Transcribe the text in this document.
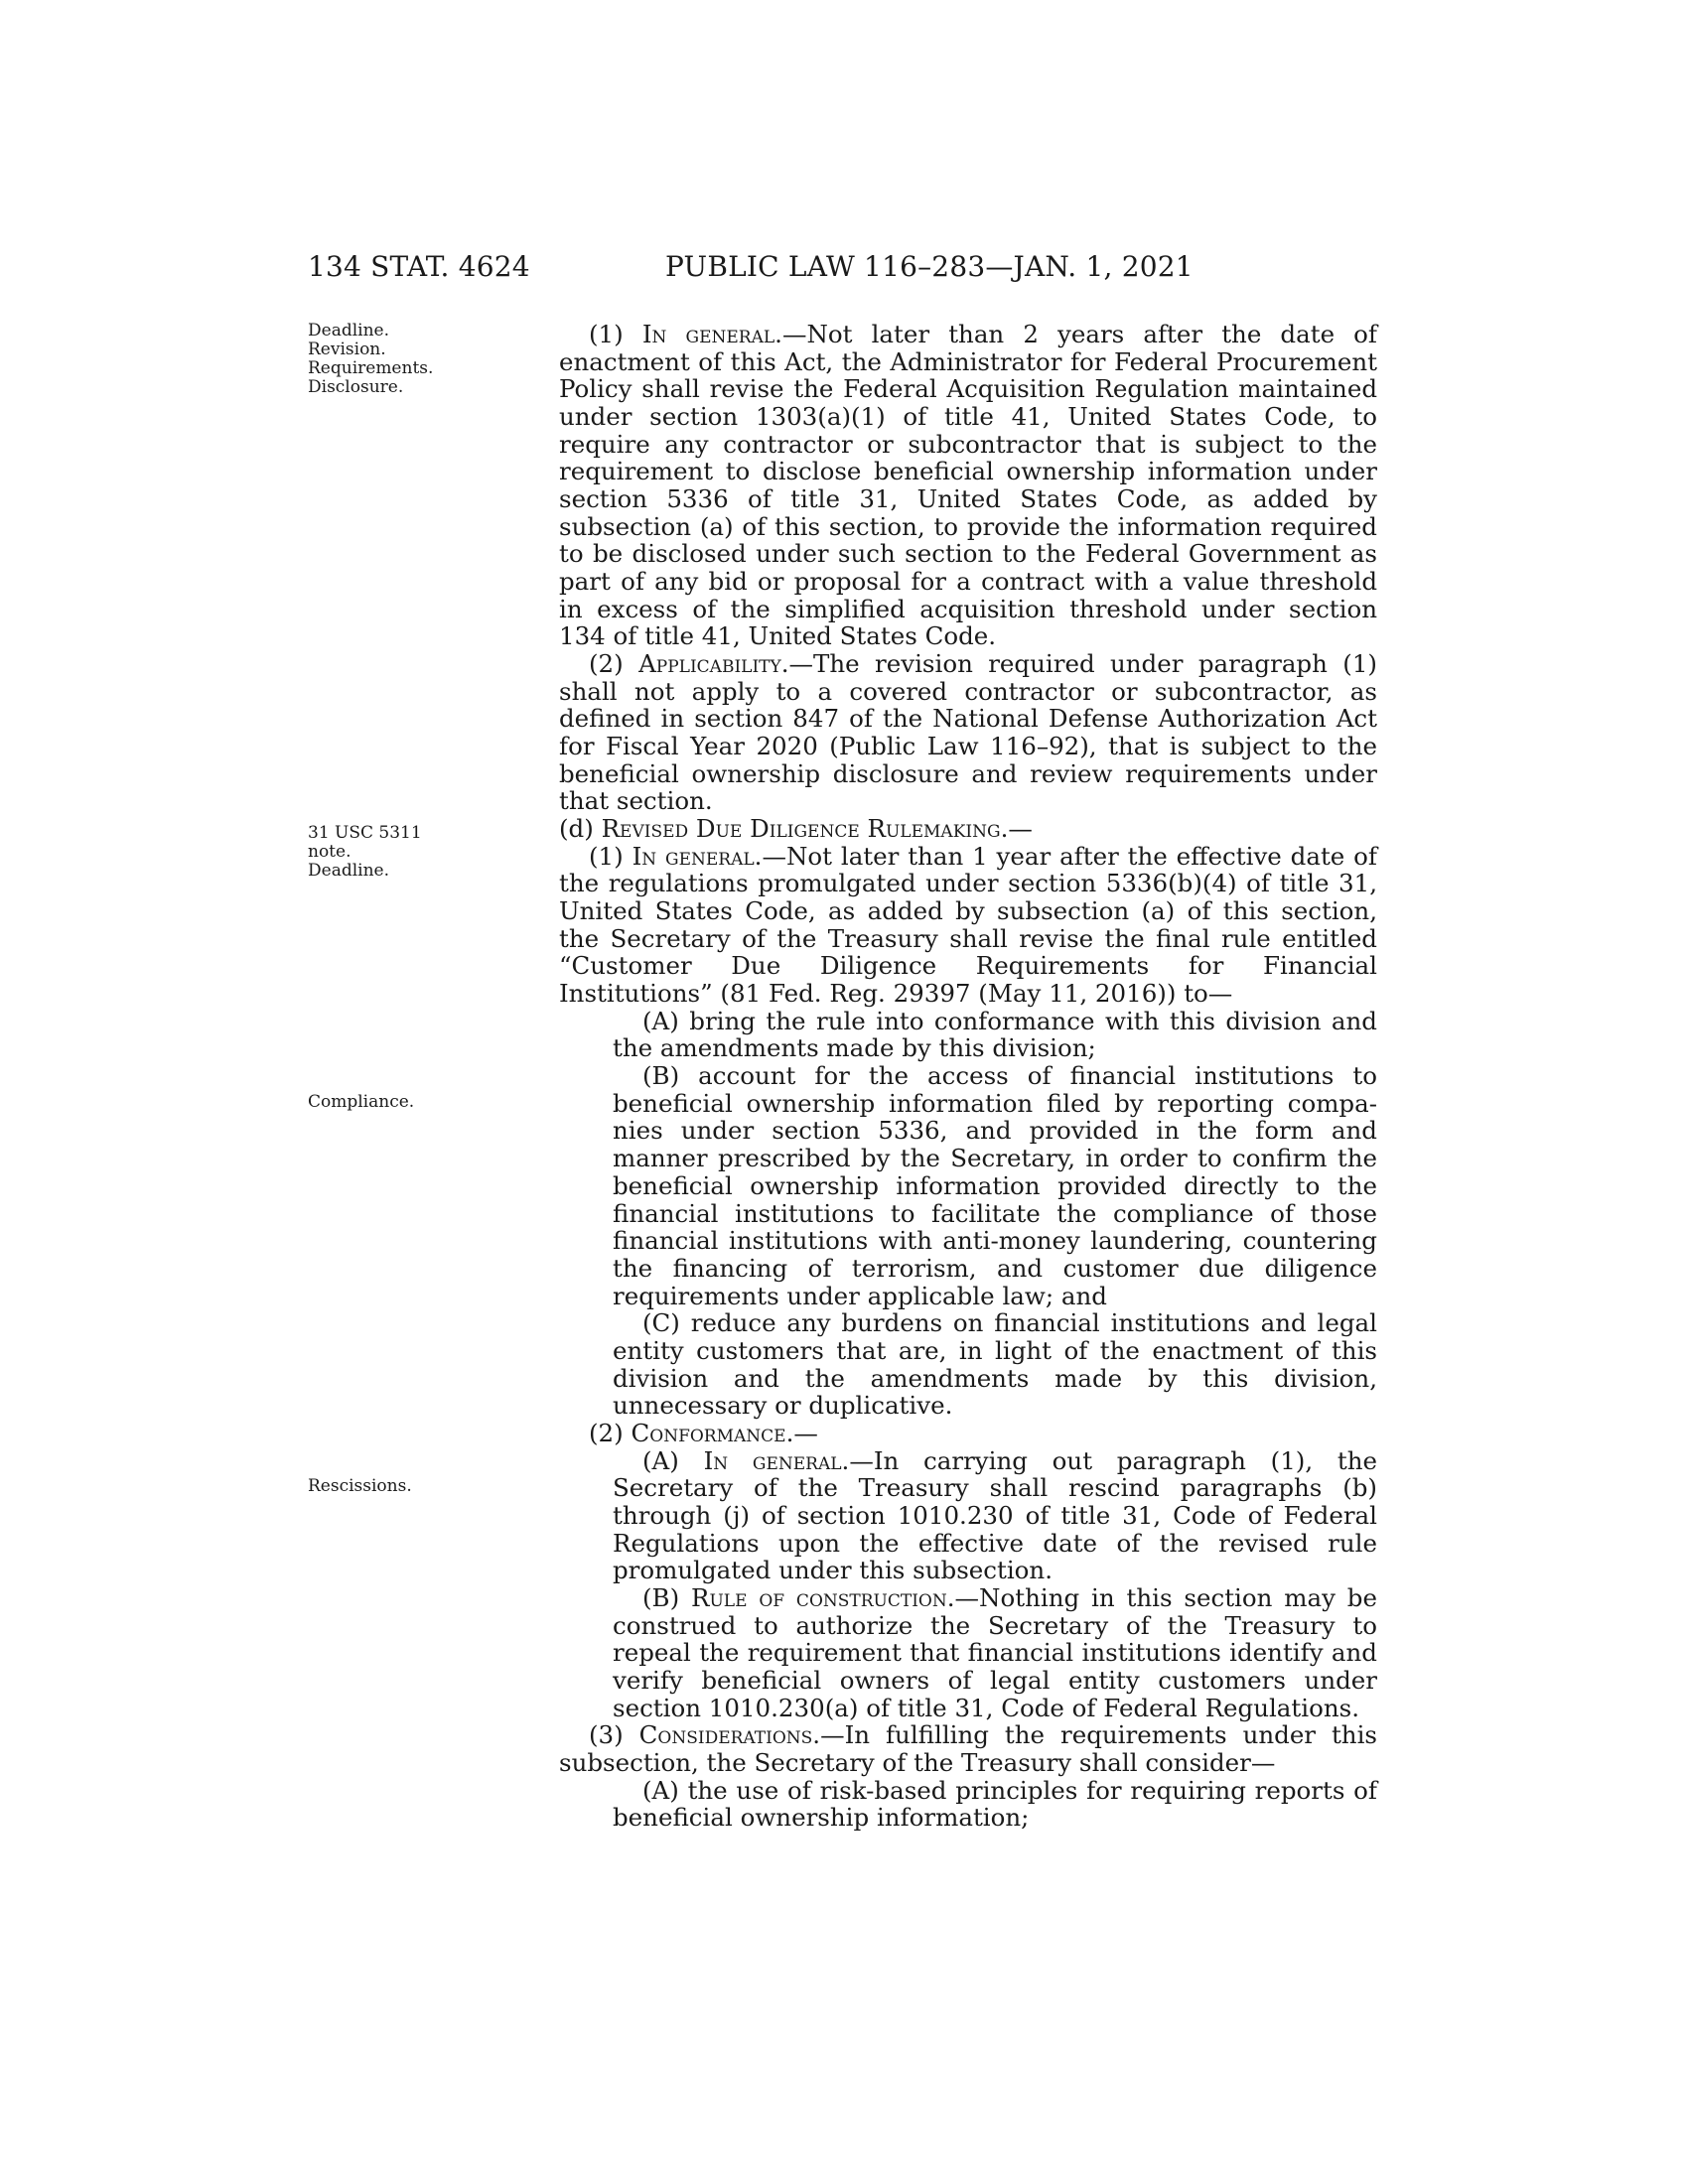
134 STAT. 4624	PUBLIC LAW 116–283—JAN. 1, 2021
Deadline.
Revision.
Requirements.
Disclosure.
31 USC 5311
note.
Deadline.
Compliance.
Rescissions.

(1) In general.—Not later than 2 years after the date of enactment of this Act, the Administrator for Federal Procurement Policy shall revise the Federal Acquisition Regulation maintained under section 1303(a)(1) of title 41, United States Code, to require any contractor or subcontractor that is subject to the requirement to disclose beneficial ownership information under section 5336 of title 31, United States Code, as added by subsection (a) of this section, to provide the information required to be disclosed under such section to the Federal Government as part of any bid or proposal for a contract with a value threshold in excess of the simplified acquisition threshold under section 134 of title 41, United States Code.

(2) Applicability.—The revision required under paragraph (1) shall not apply to a covered contractor or subcontractor, as defined in section 847 of the National Defense Authorization Act for Fiscal Year 2020 (Public Law 116–92), that is subject to the beneficial ownership disclosure and review requirements under that section.

(d) Revised Due Diligence Rulemaking.—

(1) In general.—Not later than 1 year after the effective date of the regulations promulgated under section 5336(b)(4) of title 31, United States Code, as added by subsection (a) of this section, the Secretary of the Treasury shall revise the final rule entitled “Customer Due Diligence Requirements for Financial Institutions” (81 Fed. Reg. 29397 (May 11, 2016)) to—

(A) bring the rule into conformance with this division and the amendments made by this division;

(B) account for the access of financial institutions to beneficial ownership information filed by reporting companies under section 5336, and provided in the form and manner prescribed by the Secretary, in order to confirm the beneficial ownership information provided directly to the financial institutions to facilitate the compliance of those financial institutions with anti-money laundering, countering the financing of terrorism, and customer due diligence requirements under applicable law; and

(C) reduce any burdens on financial institutions and legal entity customers that are, in light of the enactment of this division and the amendments made by this division, unnecessary or duplicative.

(2) Conformance.—

(A) In general.—In carrying out paragraph (1), the Secretary of the Treasury shall rescind paragraphs (b) through (j) of section 1010.230 of title 31, Code of Federal Regulations upon the effective date of the revised rule promulgated under this subsection.

(B) Rule of construction.—Nothing in this section may be construed to authorize the Secretary of the Treasury to repeal the requirement that financial institutions identify and verify beneficial owners of legal entity customers under section 1010.230(a) of title 31, Code of Federal Regulations.

(3) Considerations.—In fulfilling the requirements under this subsection, the Secretary of the Treasury shall consider—

(A) the use of risk-based principles for requiring reports of beneficial ownership information;
